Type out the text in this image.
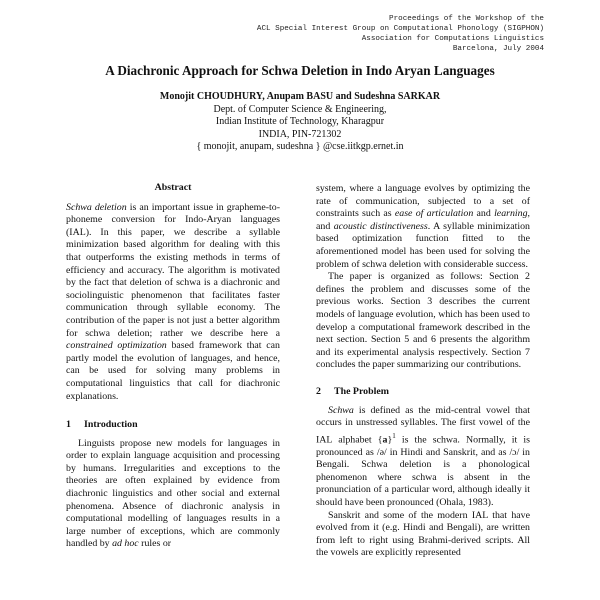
Proceedings of the Workshop of the
ACL Special Interest Group on Computational Phonology (SIGPHON)
Association for Computations Linguistics
Barcelona, July 2004
A Diachronic Approach for Schwa Deletion in Indo Aryan Languages
Monojit CHOUDHURY, Anupam BASU and Sudeshna SARKAR
Dept. of Computer Science & Engineering,
Indian Institute of Technology, Kharagpur
INDIA, PIN-721302
{ monojit, anupam, sudeshna } @cse.iitkgp.ernet.in
Abstract

Schwa deletion is an important issue in grapheme-to-phoneme conversion for Indo-Aryan languages (IAL). In this paper, we describe a syllable minimization based algorithm for dealing with this that outperforms the existing methods in terms of efficiency and accuracy. The algorithm is motivated by the fact that deletion of schwa is a diachronic and sociolinguistic phenomenon that facilitates faster communication through syllable economy. The contribution of the paper is not just a better algorithm for schwa deletion; rather we describe here a constrained optimization based framework that can partly model the evolution of languages, and hence, can be used for solving many problems in computational linguistics that call for diachronic explanations.

1 Introduction

Linguists propose new models for languages in order to explain language acquisition and processing by humans. Irregularities and exceptions to the theories are often explained by evidence from diachronic linguistics and other social and external phenomena. Absence of diachronic analysis in computational modelling of languages results in a large number of exceptions, which are commonly handled by ad hoc rules or

system, where a language evolves by optimizing the rate of communication, subjected to a set of constraints such as ease of articulation and learning, and acoustic distinctiveness. A syllable minimization based optimization function fitted to the aforementioned model has been used for solving the problem of schwa deletion with considerable success.

The paper is organized as follows: Section 2 defines the problem and discusses some of the previous works. Section 3 describes the current models of language evolution, which has been used to develop a computational framework described in the next section. Section 5 and 6 presents the algorithm and its experimental analysis respectively. Section 7 concludes the paper summarizing our contributions.

2 The Problem

Schwa is defined as the mid-central vowel that occurs in unstressed syllables. The first vowel of the IAL alphabet $\{a\}^1$ is the schwa. Normally, it is pronounced as /ə/ in Hindi and Sanskrit, and as /ɔ/ in Bengali. Schwa deletion is a phonological phenomenon where schwa is absent in the pronunciation of a particular word, although ideally it should have been pronounced (Ohala, 1983).

Sanskrit and some of the modern IAL that have evolved from it (e.g. Hindi and Bengali), are written from left to right using Brahmi-derived scripts. All the vowels are explicitly represented
